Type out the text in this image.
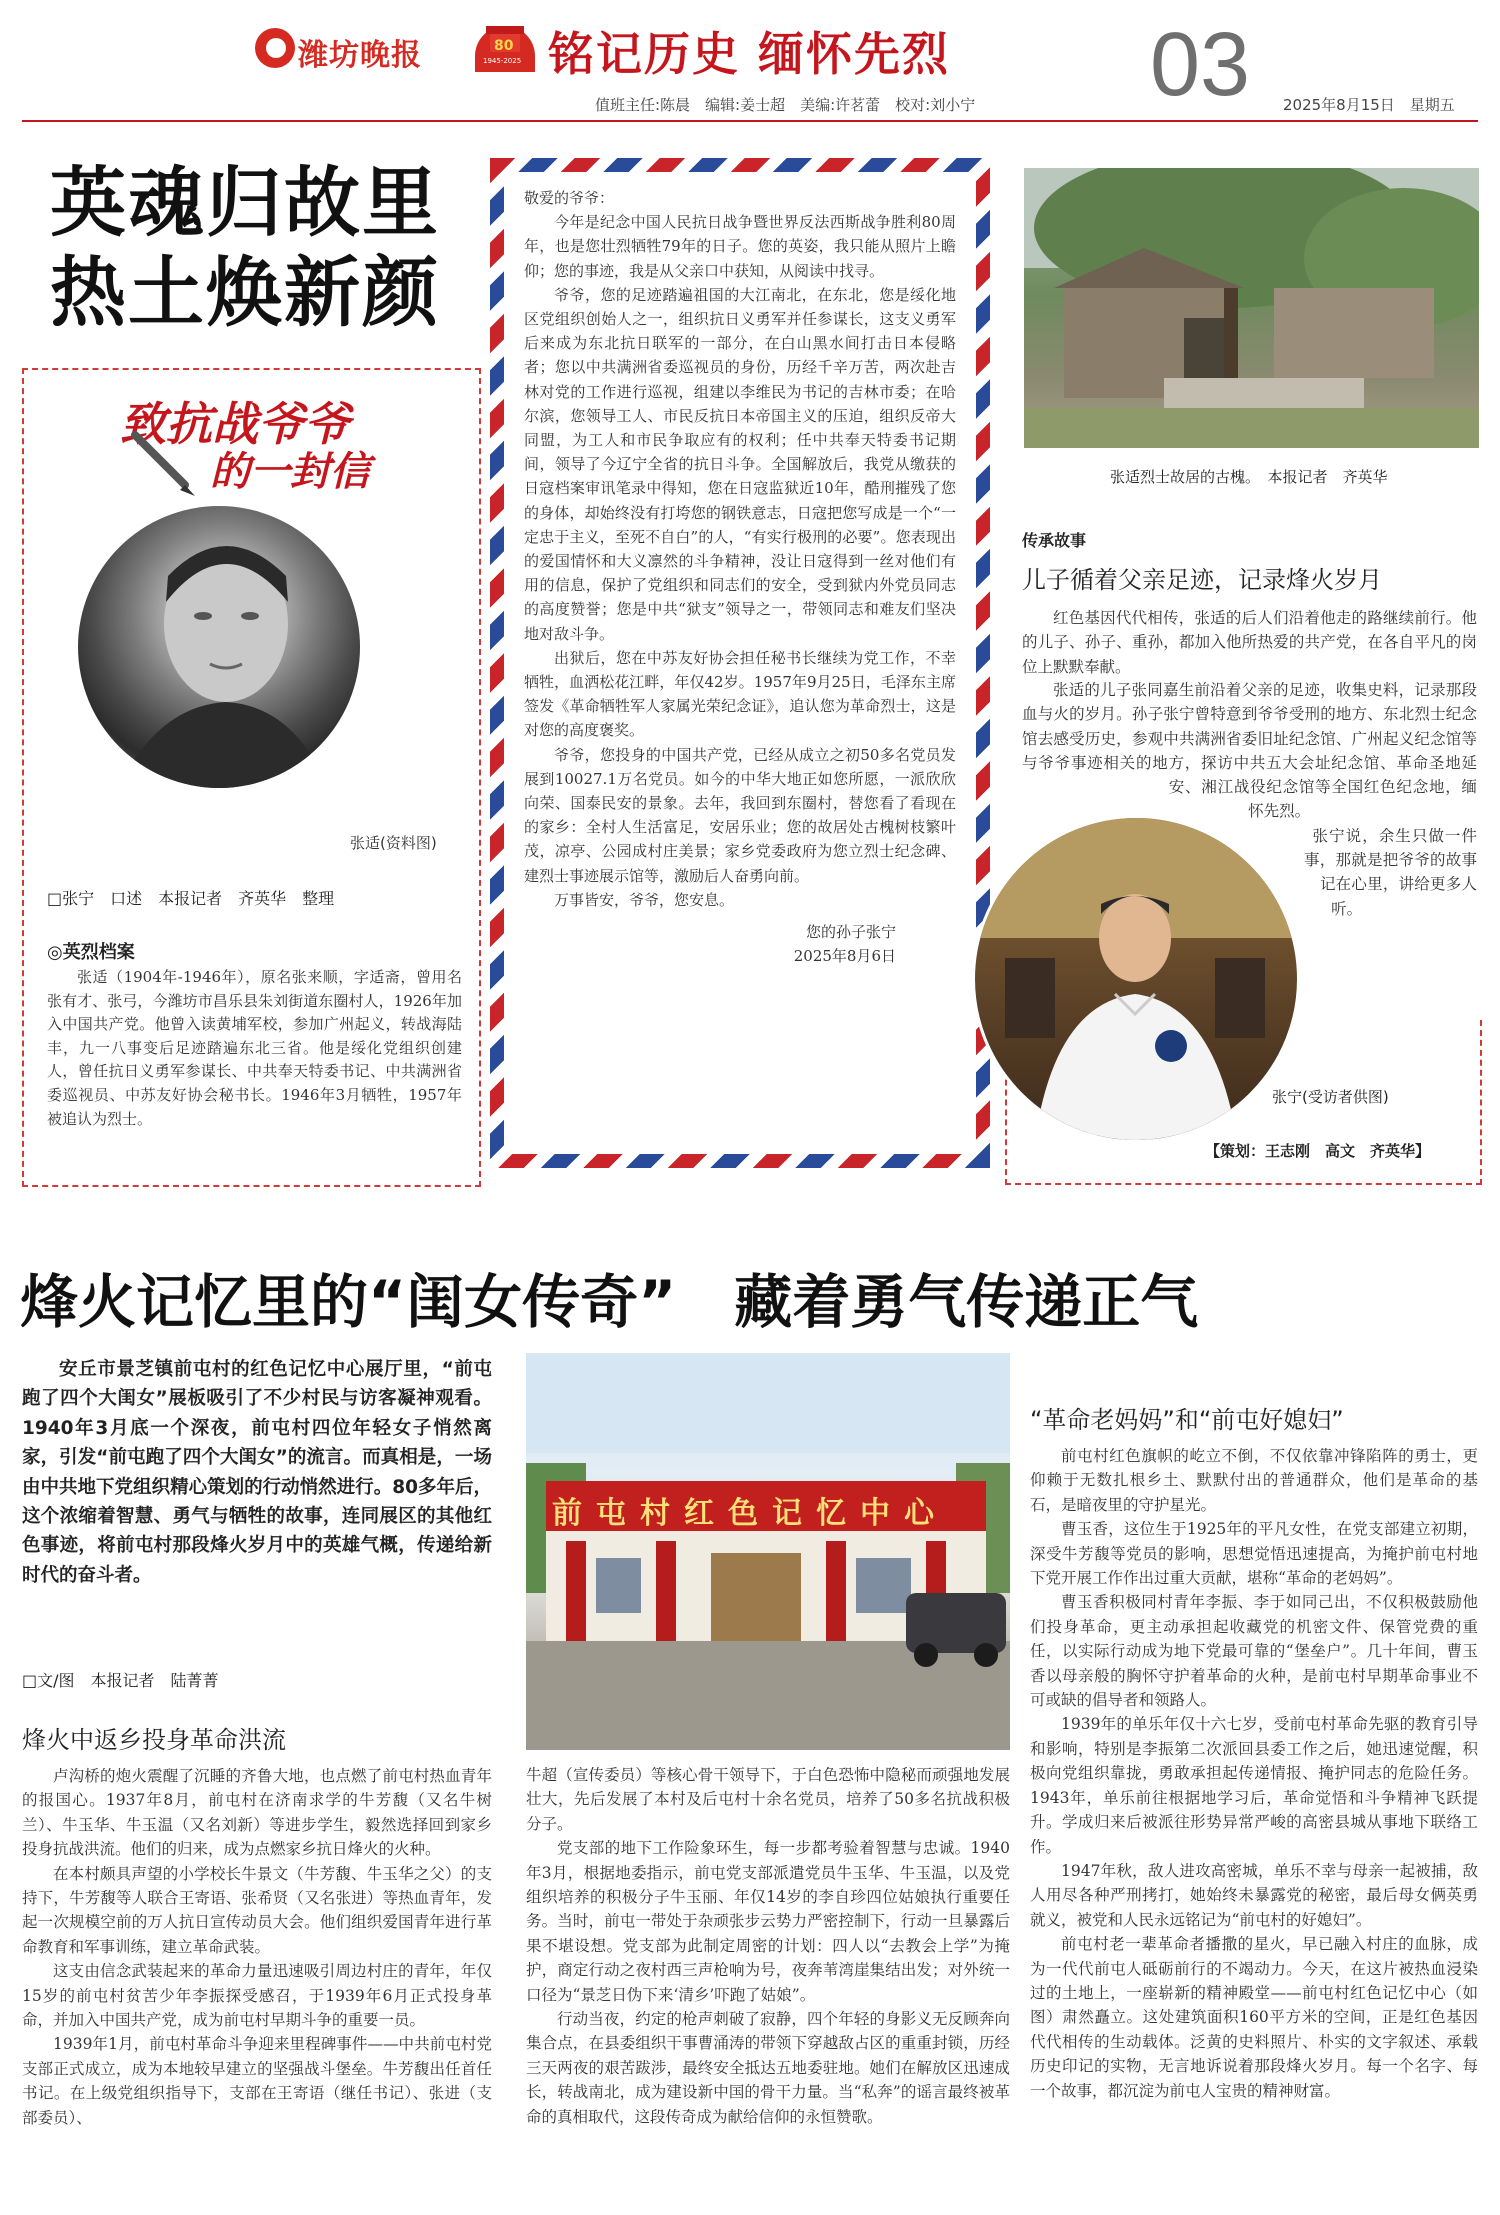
潍坊晚报	80
1945-2025 铭记历史 缅怀先烈 03
值班主任:陈晨　编辑:姜士超　美编:许茗蕾　校对:刘小宁	2025年8月15日　星期五
英魂归故里
热土焕新颜
致抗战爷爷
的一封信
张适(资料图)
□张宁　口述　本报记者　齐英华　整理
◎英烈档案

张适（1904年-1946年），原名张来顺，字适斋，曾用名张有才、张弓，今潍坊市昌乐县朱刘街道东圈村人，1926年加入中国共产党。他曾入读黄埔军校，参加广州起义，转战海陆丰，九一八事变后足迹踏遍东北三省。他是绥化党组织创建人，曾任抗日义勇军参谋长、中共奉天特委书记、中共满洲省委巡视员、中苏友好协会秘书长。1946年3月牺牲，1957年被追认为烈士。

敬爱的爷爷：

今年是纪念中国人民抗日战争暨世界反法西斯战争胜利80周年，也是您壮烈牺牲79年的日子。您的英姿，我只能从照片上瞻仰；您的事迹，我是从父亲口中获知，从阅读中找寻。

爷爷，您的足迹踏遍祖国的大江南北，在东北，您是绥化地区党组织创始人之一，组织抗日义勇军并任参谋长，这支义勇军后来成为东北抗日联军的一部分，在白山黑水间打击日本侵略者；您以中共满洲省委巡视员的身份，历经千辛万苦，两次赴吉林对党的工作进行巡视，组建以李维民为书记的吉林市委；在哈尔滨，您领导工人、市民反抗日本帝国主义的压迫，组织反帝大同盟，为工人和市民争取应有的权利；任中共奉天特委书记期间，领导了今辽宁全省的抗日斗争。全国解放后，我党从缴获的日寇档案审讯笔录中得知，您在日寇监狱近10年，酷刑摧残了您的身体，却始终没有打垮您的钢铁意志，日寇把您写成是一个“一定忠于主义，至死不自白”的人，“有实行极刑的必要”。您表现出的爱国情怀和大义凛然的斗争精神，没让日寇得到一丝对他们有用的信息，保护了党组织和同志们的安全，受到狱内外党员同志的高度赞誉；您是中共“狱支”领导之一，带领同志和难友们坚决地对敌斗争。

出狱后，您在中苏友好协会担任秘书长继续为党工作，不幸牺牲，血洒松花江畔，年仅42岁。1957年9月25日，毛泽东主席签发《革命牺牲军人家属光荣纪念证》，追认您为革命烈士，这是对您的高度褒奖。

爷爷，您投身的中国共产党，已经从成立之初50多名党员发展到10027.1万名党员。如今的中华大地正如您所愿，一派欣欣向荣、国泰民安的景象。去年，我回到东圈村，替您看了看现在的家乡：全村人生活富足，安居乐业；您的故居处古槐树枝繁叶茂，凉亭、公园成村庄美景；家乡党委政府为您立烈士纪念碑、建烈士事迹展示馆等，激励后人奋勇向前。

万事皆安，爷爷，您安息。

您的孙子张宁
2025年8月6日
张适烈士故居的古槐。　本报记者　齐英华
传承故事
儿子循着父亲足迹，记录烽火岁月

红色基因代代相传，张适的后人们沿着他走的路继续前行。他的儿子、孙子、重孙，都加入他所热爱的共产党，在各自平凡的岗位上默默奉献。

张适的儿子张同嘉生前沿着父亲的足迹，收集史料，记录那段血与火的岁月。孙子张宁曾特意到爷爷受刑的地方、东北烈士纪念馆去感受历史，参观中共满洲省委旧址纪念馆、广州起义纪念馆等与爷爷事迹相关的地方，探访中共五大会址纪念馆、革命圣地延安、湘江战役纪念馆等全国红色纪念地，缅怀先烈。

张宁说，余生只做一件事，那就是把爷爷的故事记在心里，讲给更多人听。

张宁(受访者供图)
【策划：王志刚　高文　齐英华】
烽火记忆里的“闺女传奇”　藏着勇气传递正气

安丘市景芝镇前屯村的红色记忆中心展厅里，“前屯跑了四个大闺女”展板吸引了不少村民与访客凝神观看。1940年3月底一个深夜，前屯村四位年轻女子悄然离家，引发“前屯跑了四个大闺女”的流言。而真相是，一场由中共地下党组织精心策划的行动悄然进行。80多年后，这个浓缩着智慧、勇气与牺牲的故事，连同展区的其他红色事迹，将前屯村那段烽火岁月中的英雄气概，传递给新时代的奋斗者。

□文/图　本报记者　陆菁菁
烽火中返乡投身革命洪流

卢沟桥的炮火震醒了沉睡的齐鲁大地，也点燃了前屯村热血青年的报国心。1937年8月，前屯村在济南求学的牛芳馥（又名牛树兰）、牛玉华、牛玉温（又名刘新）等进步学生，毅然选择回到家乡投身抗战洪流。他们的归来，成为点燃家乡抗日烽火的火种。

在本村颇具声望的小学校长牛景文（牛芳馥、牛玉华之父）的支持下，牛芳馥等人联合王寄语、张希贤（又名张进）等热血青年，发起一次规模空前的万人抗日宣传动员大会。他们组织爱国青年进行革命教育和军事训练，建立革命武装。

这支由信念武装起来的革命力量迅速吸引周边村庄的青年，年仅15岁的前屯村贫苦少年李振探受感召，于1939年6月正式投身革命，并加入中国共产党，成为前屯村早期斗争的重要一员。

1939年1月，前屯村革命斗争迎来里程碑事件——中共前屯村党支部正式成立，成为本地较早建立的坚强战斗堡垒。牛芳馥出任首任书记。在上级党组织指导下，支部在王寄语（继任书记）、张进（支部委员）、

前屯村红色记忆中心

牛超（宣传委员）等核心骨干领导下，于白色恐怖中隐秘而顽强地发展壮大，先后发展了本村及后屯村十余名党员，培养了50多名抗战积极分子。

党支部的地下工作险象环生，每一步都考验着智慧与忠诚。1940年3月，根据地委指示，前屯党支部派遣党员牛玉华、牛玉温，以及党组织培养的积极分子牛玉丽、年仅14岁的李自珍四位姑娘执行重要任务。当时，前屯一带处于杂顽张步云势力严密控制下，行动一旦暴露后果不堪设想。党支部为此制定周密的计划：四人以“去教会上学”为掩护，商定行动之夜村西三声枪响为号，夜奔苇湾崖集结出发；对外统一口径为“景芝日伪下来‘清乡’吓跑了姑娘”。

行动当夜，约定的枪声刺破了寂静，四个年轻的身影义无反顾奔向集合点，在县委组织干事曹涌涛的带领下穿越敌占区的重重封锁，历经三天两夜的艰苦跋涉，最终安全抵达五地委驻地。她们在解放区迅速成长，转战南北，成为建设新中国的骨干力量。当“私奔”的谣言最终被革命的真相取代，这段传奇成为献给信仰的永恒赞歌。

“革命老妈妈”和“前屯好媳妇”

前屯村红色旗帜的屹立不倒，不仅依靠冲锋陷阵的勇士，更仰赖于无数扎根乡土、默默付出的普通群众，他们是革命的基石，是暗夜里的守护星光。

曹玉香，这位生于1925年的平凡女性，在党支部建立初期，深受牛芳馥等党员的影响，思想觉悟迅速提高，为掩护前屯村地下党开展工作作出过重大贡献，堪称“革命的老妈妈”。

曹玉香积极同村青年李振、李于如同己出，不仅积极鼓励他们投身革命，更主动承担起收藏党的机密文件、保管党费的重任，以实际行动成为地下党最可靠的“堡垒户”。几十年间，曹玉香以母亲般的胸怀守护着革命的火种，是前屯村早期革命事业不可或缺的倡导者和领路人。

1939年的单乐年仅十六七岁，受前屯村革命先驱的教育引导和影响，特别是李振第二次派回县委工作之后，她迅速觉醒，积极向党组织靠拢，勇敢承担起传递情报、掩护同志的危险任务。1943年，单乐前往根据地学习后，革命觉悟和斗争精神飞跃提升。学成归来后被派往形势异常严峻的高密县城从事地下联络工作。

1947年秋，敌人进攻高密城，单乐不幸与母亲一起被捕，敌人用尽各种严刑拷打，她始终未暴露党的秘密，最后母女俩英勇就义，被党和人民永远铭记为“前屯村的好媳妇”。

前屯村老一辈革命者播撒的星火，早已融入村庄的血脉，成为一代代前屯人砥砺前行的不竭动力。今天，在这片被热血浸染过的土地上，一座崭新的精神殿堂——前屯村红色记忆中心（如图）肃然矗立。这处建筑面积160平方米的空间，正是红色基因代代相传的生动载体。泛黄的史料照片、朴实的文字叙述、承载历史印记的实物，无言地诉说着那段烽火岁月。每一个名字、每一个故事，都沉淀为前屯人宝贵的精神财富。
